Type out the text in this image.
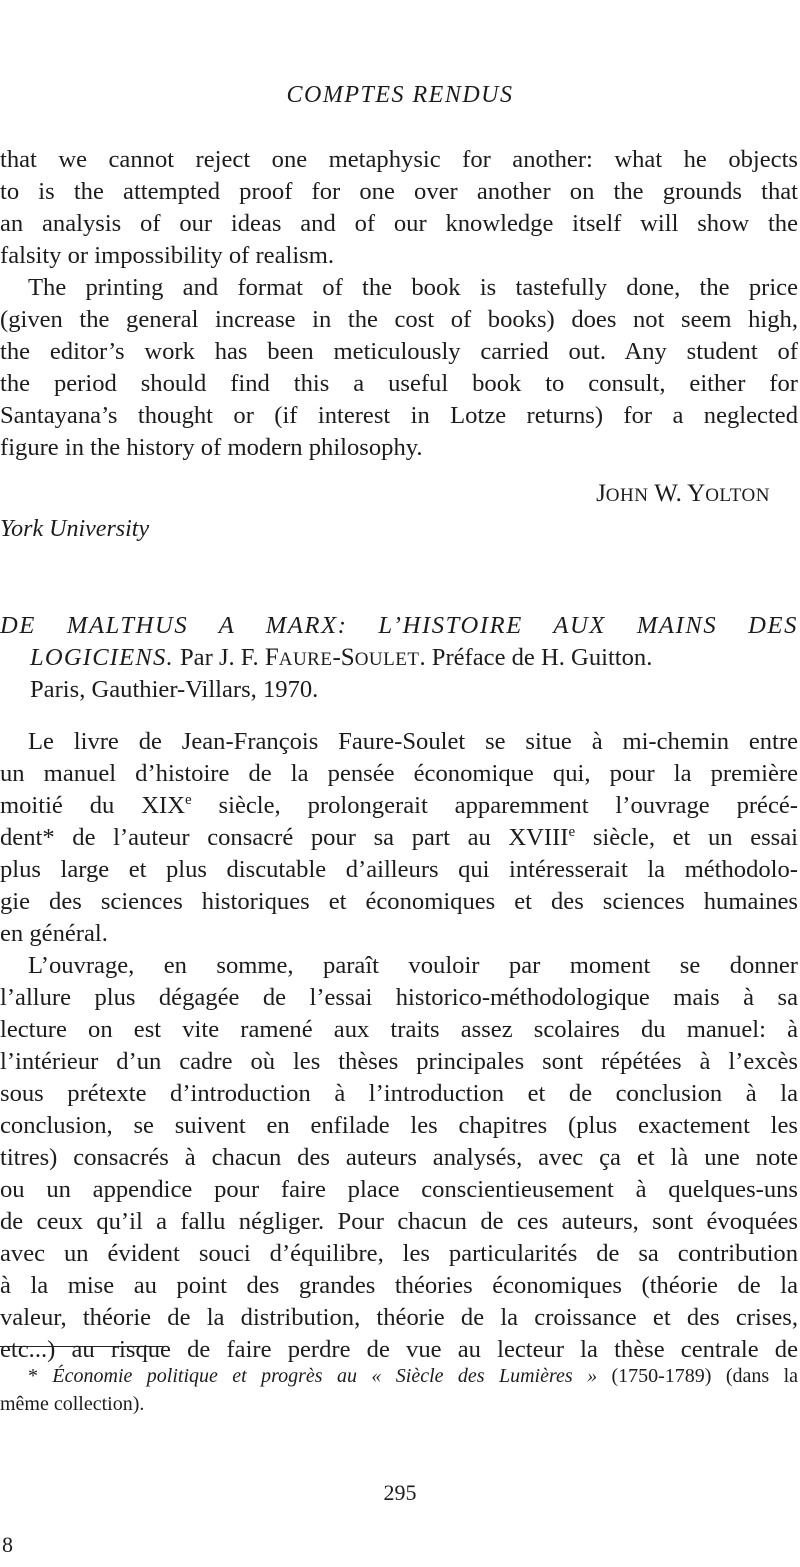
COMPTES RENDUS
that we cannot reject one metaphysic for another: what he objects
to is the attempted proof for one over another on the grounds that
an analysis of our ideas and of our knowledge itself will show the
falsity or impossibility of realism.
The printing and format of the book is tastefully done, the price
(given the general increase in the cost of books) does not seem high,
the editor’s work has been meticulously carried out. Any student of
the period should find this a useful book to consult, either for
Santayana’s thought or (if interest in Lotze returns) for a neglected
figure in the history of modern philosophy.
JOHN W. YOLTON
York University
DE MALTHUS A MARX: L’HISTOIRE AUX MAINS DES
LOGICIENS. Par J. F. FAURE-SOULET. Préface de H. Guitton.
Paris, Gauthier-Villars, 1970.
Le livre de Jean-François Faure-Soulet se situe à mi-chemin entre
un manuel d’histoire de la pensée économique qui, pour la première
moitié du XIXe siècle, prolongerait apparemment l’ouvrage précé-
dent* de l’auteur consacré pour sa part au XVIIIe siècle, et un essai
plus large et plus discutable d’ailleurs qui intéresserait la méthodolo-
gie des sciences historiques et économiques et des sciences humaines
en général.
L’ouvrage, en somme, paraît vouloir par moment se donner
l’allure plus dégagée de l’essai historico-méthodologique mais à sa
lecture on est vite ramené aux traits assez scolaires du manuel: à
l’intérieur d’un cadre où les thèses principales sont répétées à l’excès
sous prétexte d’introduction à l’introduction et de conclusion à la
conclusion, se suivent en enfilade les chapitres (plus exactement les
titres) consacrés à chacun des auteurs analysés, avec ça et là une note
ou un appendice pour faire place conscientieusement à quelques-uns
de ceux qu’il a fallu négliger. Pour chacun de ces auteurs, sont évoquées
avec un évident souci d’équilibre, les particularités de sa contribution
à la mise au point des grandes théories économiques (théorie de la
valeur, théorie de la distribution, théorie de la croissance et des crises,
etc...) au risque de faire perdre de vue au lecteur la thèse centrale de
* Économie politique et progrès au « Siècle des Lumières » (1750-1789) (dans la
même collection).
295
8
